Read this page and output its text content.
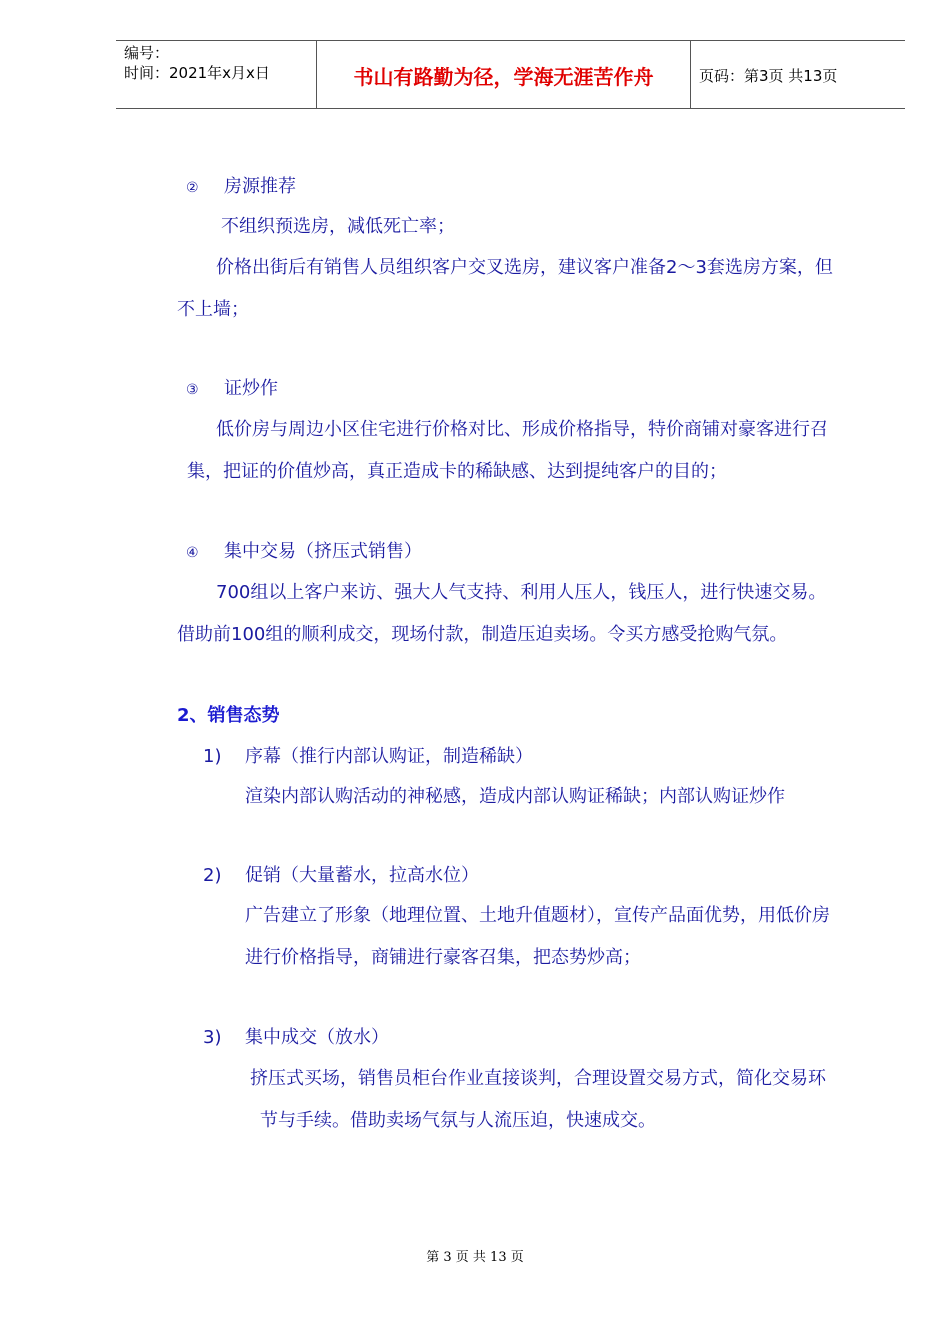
编号：
时间：2021年x月x日	书山有路勤为径，学海无涯苦作舟	页码：第3页 共13页
② 房源推荐
不组织预选房，减低死亡率；
价格出街后有销售人员组织客户交叉选房，建议客户准备2～3套选房方案，但
不上墙；
③ 证炒作
低价房与周边小区住宅进行价格对比、形成价格指导，特价商铺对豪客进行召
集，把证的价值炒高，真正造成卡的稀缺感、达到提纯客户的目的；
④ 集中交易（挤压式销售）
700组以上客户来访、强大人气支持、利用人压人，钱压人，进行快速交易。
借助前100组的顺利成交，现场付款，制造压迫卖场。令买方感受抢购气氛。
2、销售态势
1) 序幕（推行内部认购证，制造稀缺）
渲染内部认购活动的神秘感，造成内部认购证稀缺；内部认购证炒作
2) 促销（大量蓄水，拉高水位）
广告建立了形象（地理位置、土地升值题材），宣传产品面优势，用低价房
进行价格指导，商铺进行豪客召集，把态势炒高；
3) 集中成交（放水）
挤压式买场，销售员柜台作业直接谈判，合理设置交易方式，简化交易环
节与手续。借助卖场气氛与人流压迫，快速成交。
第 3 页 共 13 页
